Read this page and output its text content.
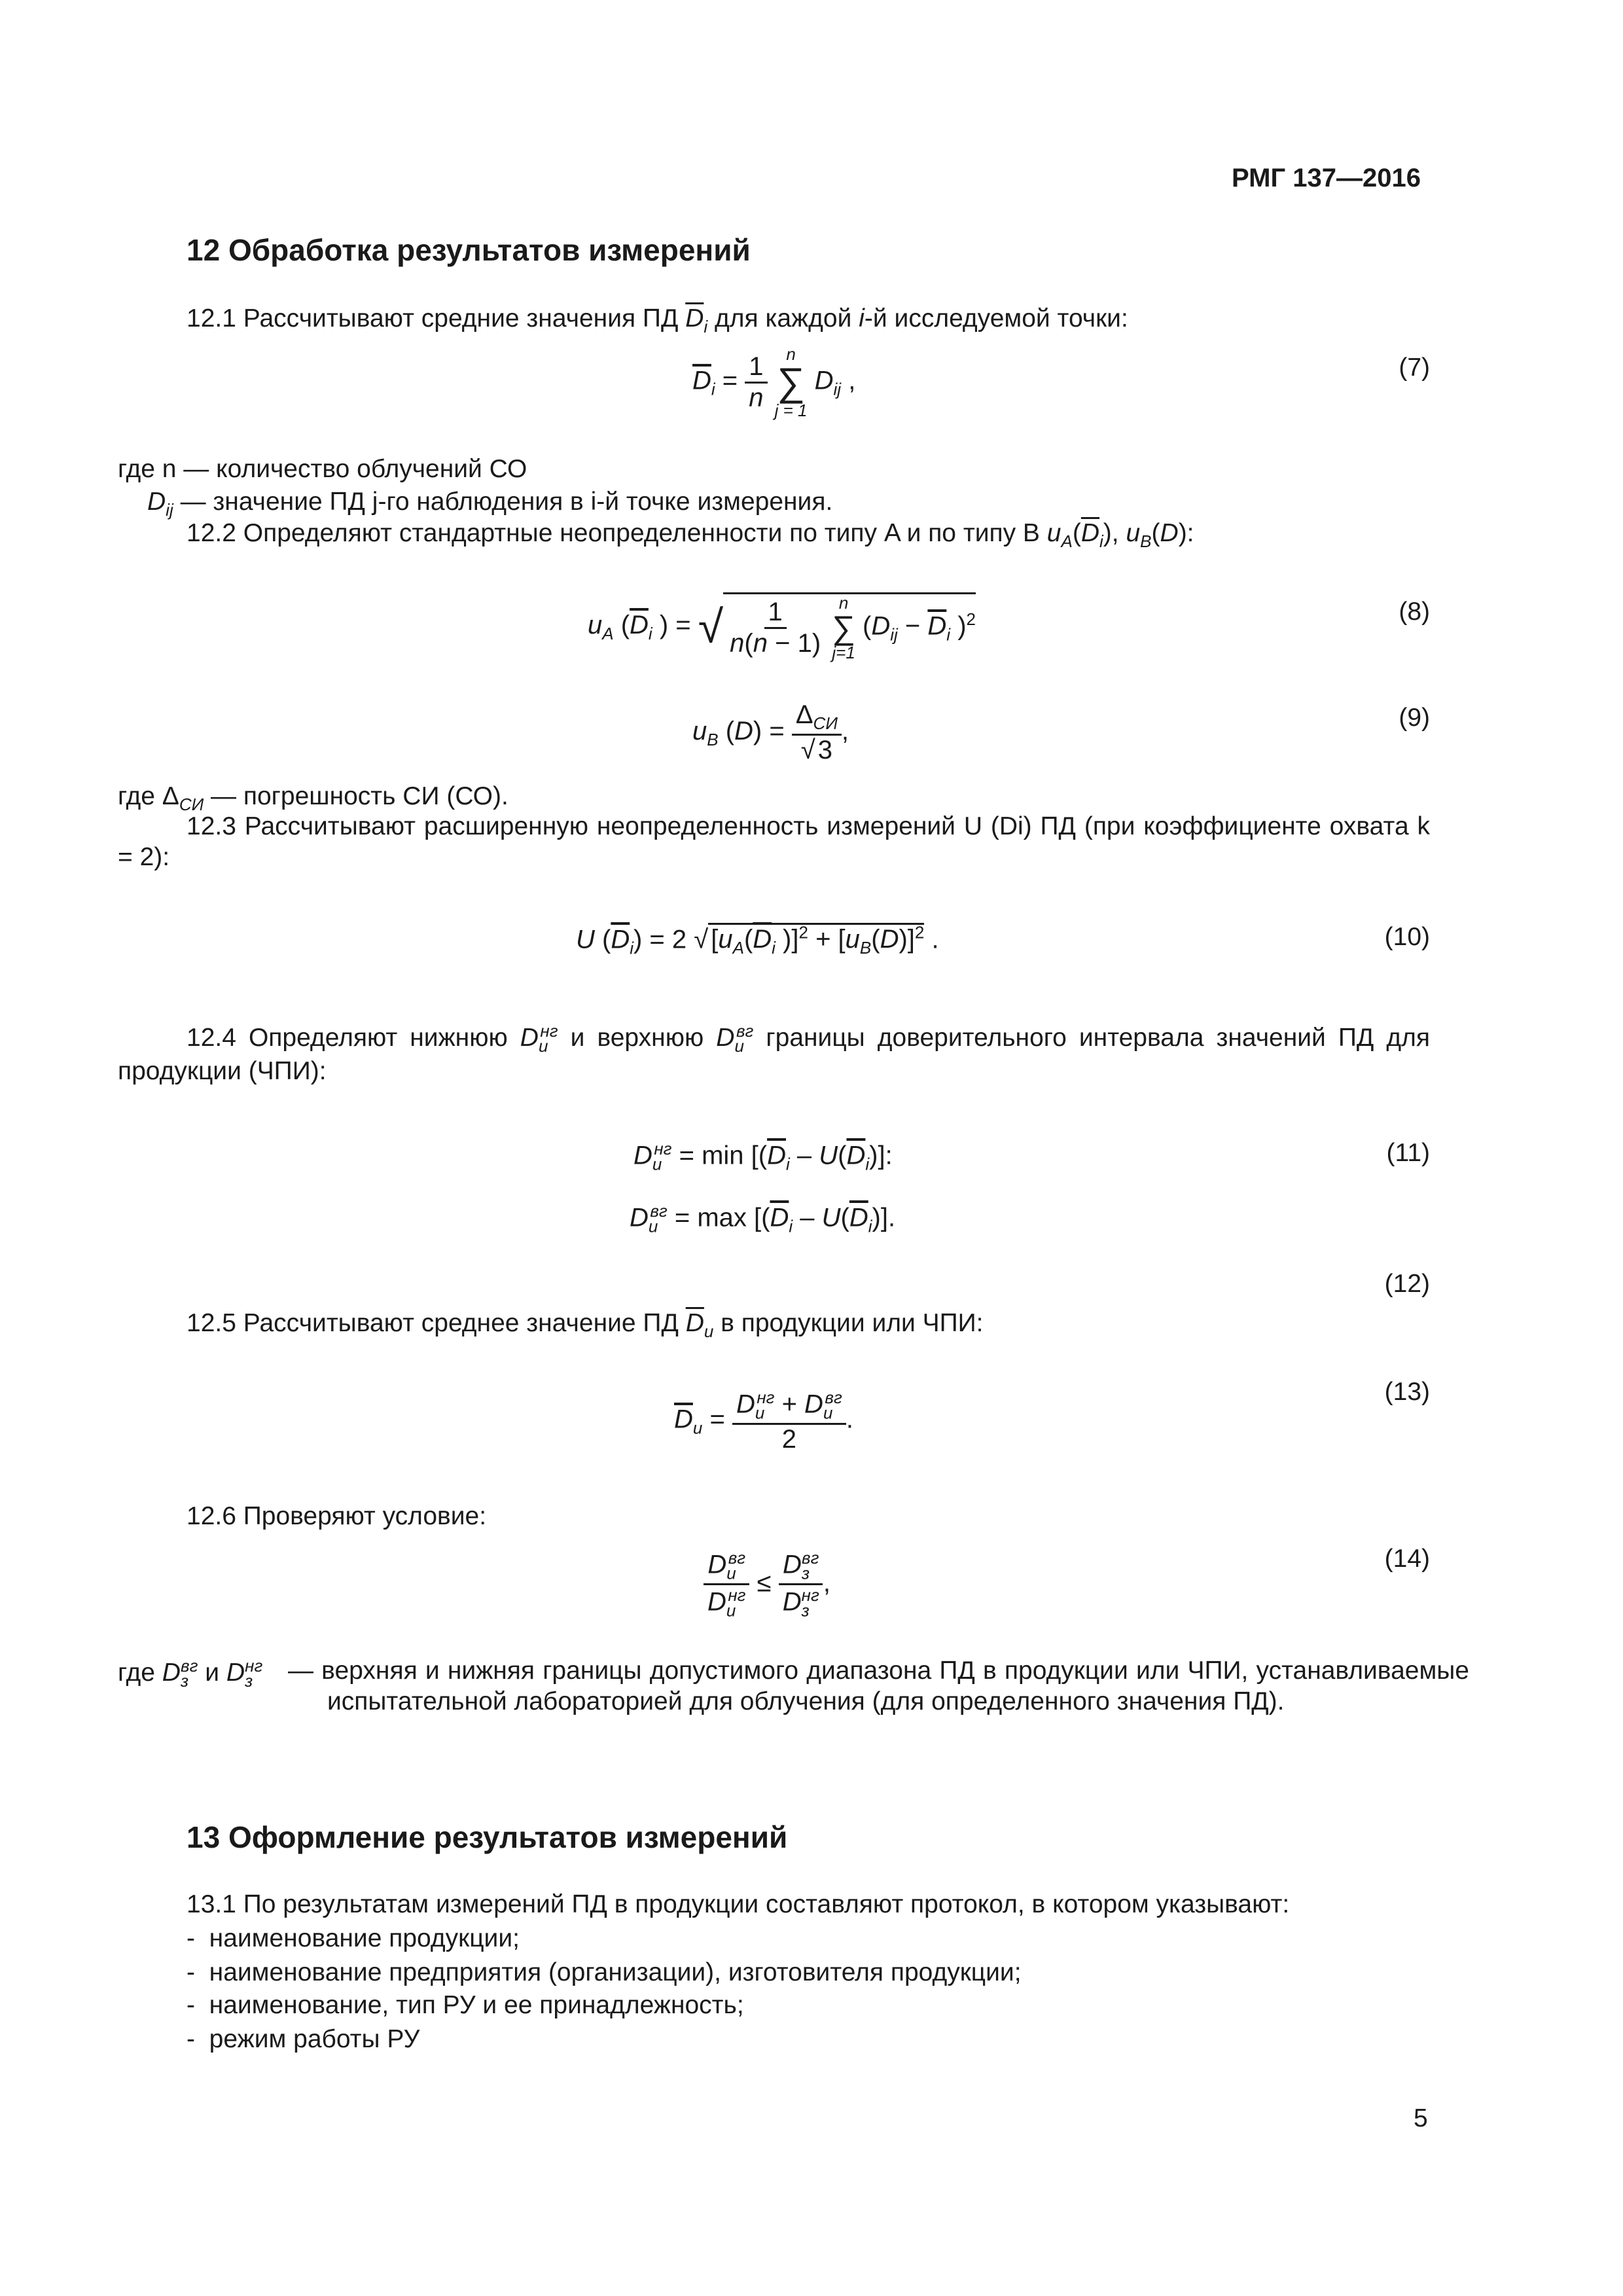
РМГ 137—2016
12 Обработка результатов измерений
12.1 Рассчитывают средние значения ПД $\overline{D}_i$ для каждой i-й исследуемой точки:
$\overline{D}_i = \frac{1}{n}$
n
∑
j = 1
$D_{ij}$ ,	(7)
где n — количество облучений СО
$D_{ij}$ — значение ПД j-го наблюдения в i-й точке измерения.
12.2 Определяют стандартные неопределенности по типу A и по типу B $u_A(\overline{D}_i)$, $u_B(D)$:
$u_A$ ($\overline{D}_i$ ) = √ $\frac{1}{n(n - 1)}$
n
∑
j=1
($D_{ij} - \overline{D}_i$ )$^2$	(8)
$u_B$ $(D) = \frac{\Delta_{СИ}}{√ 3}$ ,	(9)
где $\Delta_{СИ}$ — погрешность СИ (СО).
12.3 Рассчитывают расширенную неопределенность измерений U (Di) ПД (при коэффициенте охвата k = 2):
U $(\overline{D}_i) = 2$ √ [$u_A(\overline{D}_i$ )]$^2 + [u_B(D)]^2$ .	(10)
12.4 Определяют нижнюю $D_u^{нг}$ и верхнюю $D_u^{вг}$ границы доверительного интервала значений ПД для продукции (ЧПИ):
$D_u^{нг} = \min [(\overline{D}_i - U(\overline{D}_i)]$:	(11)
$D_u^{вг} = \max [(\overline{D}_i - U(\overline{D}_i)]$.
(12)
12.5 Рассчитывают среднее значение ПД $\overline{D}_u$ в продукции или ЧПИ:
$\overline{D}_u = \frac{D_u^{нг} + D_u^{вг}}{2}$ .
(13)
12.6 Проверяют условие:
$\frac{D_u^{вг}}{D_u^{нг}} \le \frac{D_з^{вг}}{D_з^{нг}}$ ,
(14)
где $D_з^{вг}$ и $D_з^{нг}$ — верхняя и нижняя границы допустимого диапазона ПД в продукции или ЧПИ, устанавливаемые испытательной лабораторией для облучения (для определенного значения ПД).
13 Оформление результатов измерений
13.1 По результатам измерений ПД в продукции составляют протокол, в котором указывают:
-  наименование продукции;
-  наименование предприятия (организации), изготовителя продукции;
-  наименование, тип РУ и ее принадлежность;
-  режим работы РУ
5
